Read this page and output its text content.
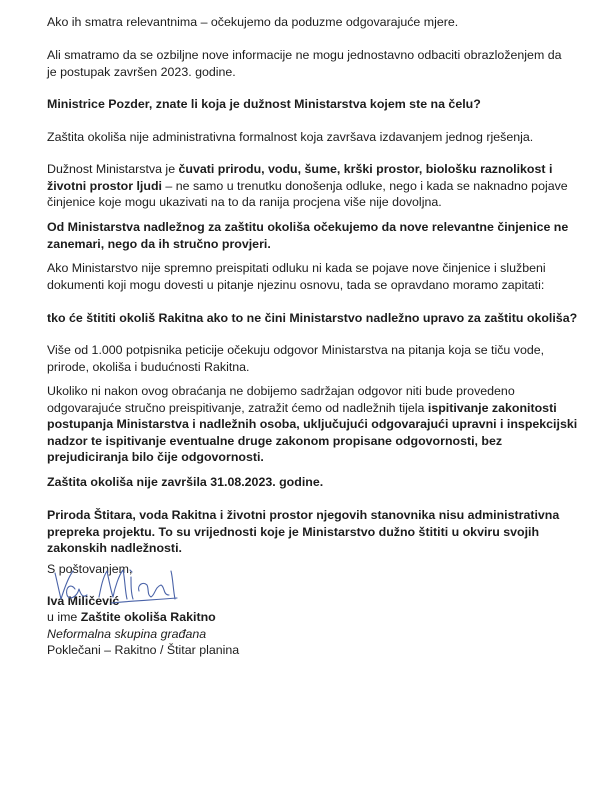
Ako ih smatra relevantnima – očekujemo da poduzme odgovarajuće mjere.
Ali smatramo da se ozbiljne nove informacije ne mogu jednostavno odbaciti obrazloženjem da
je postupak završen 2023. godine.
Ministrice Pozder, znate li koja je dužnost Ministarstva kojem ste na čelu?
Zaštita okoliša nije administrativna formalnost koja završava izdavanjem jednog rješenja.
Dužnost Ministarstva je čuvati prirodu, vodu, šume, krški prostor, biološku raznolikost i
životni prostor ljudi – ne samo u trenutku donošenja odluke, nego i kada se naknadno pojave
činjenice koje mogu ukazivati na to da ranija procjena više nije dovoljna.
Od Ministarstva nadležnog za zaštitu okoliša očekujemo da nove relevantne činjenice ne
zanemari, nego da ih stručno provjeri.
Ako Ministarstvo nije spremno preispitati odluku ni kada se pojave nove činjenice i službeni
dokumenti koji mogu dovesti u pitanje njezinu osnovu, tada se opravdano moramo zapitati:
tko će štititi okoliš Rakitna ako to ne čini Ministarstvo nadležno upravo za zaštitu okoliša?
Više od 1.000 potpisnika peticije očekuju odgovor Ministarstva na pitanja koja se tiču vode,
prirode, okoliša i budućnosti Rakitna.
Ukoliko ni nakon ovog obraćanja ne dobijemo sadržajan odgovor niti bude provedeno
odgovarajuće stručno preispitivanje, zatražit ćemo od nadležnih tijela ispitivanje zakonitosti
postupanja Ministarstva i nadležnih osoba, uključujući odgovarajući upravni i inspekcijski
nadzor te ispitivanje eventualne druge zakonom propisane odgovornosti, bez
prejudiciranja bilo čije odgovornosti.
Zaštita okoliša nije završila 31.08.2023. godine.
Priroda Štitara, voda Rakitna i životni prostor njegovih stanovnika nisu administrativna
prepreka projektu. To su vrijednosti koje je Ministarstvo dužno štititi u okviru svojih
zakonskih nadležnosti.
S poštovanjem,
Iva Miličević
u ime Zaštite okoliša Rakitno
Neformalna skupina građana
Poklečani – Rakitno / Štitar planina
